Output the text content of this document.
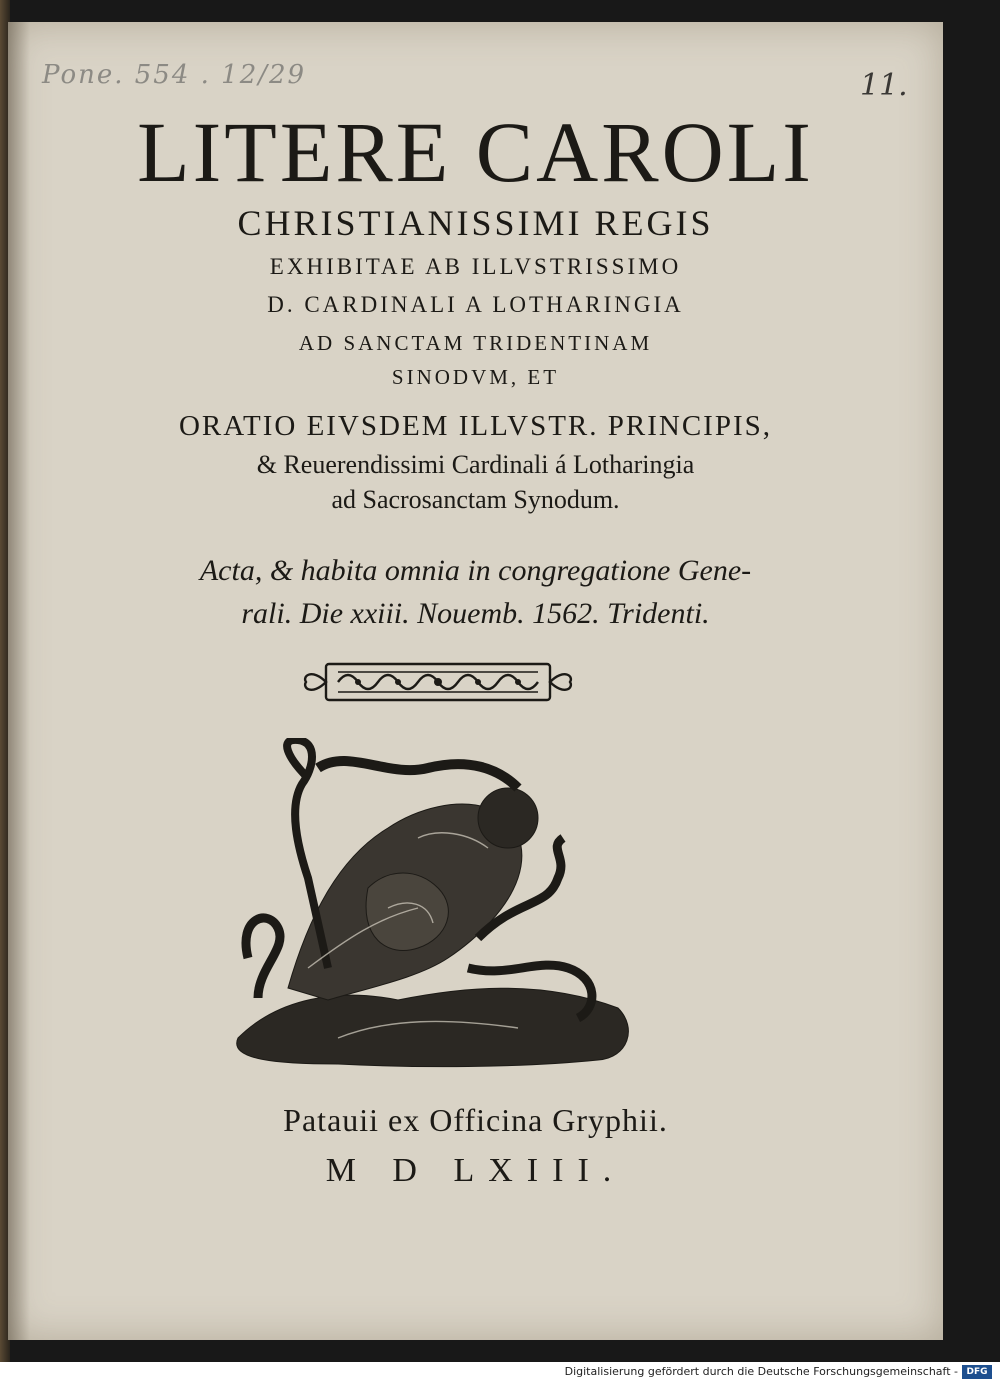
Pone. 554 . 12/29	11.
LITERE CAROLI
CHRISTIANISSIMI REGIS
EXHIBITAE AB ILLVSTRISSIMO
D. CARDINALI A LOTHARINGIA
AD SANCTAM TRIDENTINAM
SINODVM, ET
ORATIO EIVSDEM ILLVSTR. PRINCIPIS,
& Reuerendissimi Cardinali á Lotharingia
ad Sacrosanctam Synodum.
Acta, & habita omnia in congregatione Gene-
rali. Die xxiii. Nouemb. 1562. Tridenti.
Patauii ex Officina Gryphii.
M D LXIII.
Digitalisierung gefördert durch die Deutsche Forschungsgemeinschaft - DFG
